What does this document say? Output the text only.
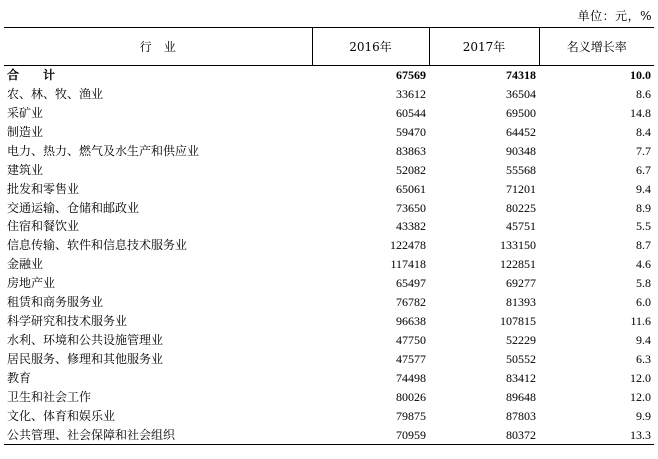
单位：元，%
行　业	2016年	2017年	名义增长率
合　计	67569	74318	10.0
农、林、牧、渔业	33612	36504	8.6
采矿业	60544	69500	14.8
制造业	59470	64452	8.4
电力、热力、燃气及水生产和供应业	83863	90348	7.7
建筑业	52082	55568	6.7
批发和零售业	65061	71201	9.4
交通运输、仓储和邮政业	73650	80225	8.9
住宿和餐饮业	43382	45751	5.5
信息传输、软件和信息技术服务业	122478	133150	8.7
金融业	117418	122851	4.6
房地产业	65497	69277	5.8
租赁和商务服务业	76782	81393	6.0
科学研究和技术服务业	96638	107815	11.6
水利、环境和公共设施管理业	47750	52229	9.4
居民服务、修理和其他服务业	47577	50552	6.3
教育	74498	83412	12.0
卫生和社会工作	80026	89648	12.0
文化、体育和娱乐业	79875	87803	9.9
公共管理、社会保障和社会组织	70959	80372	13.3
